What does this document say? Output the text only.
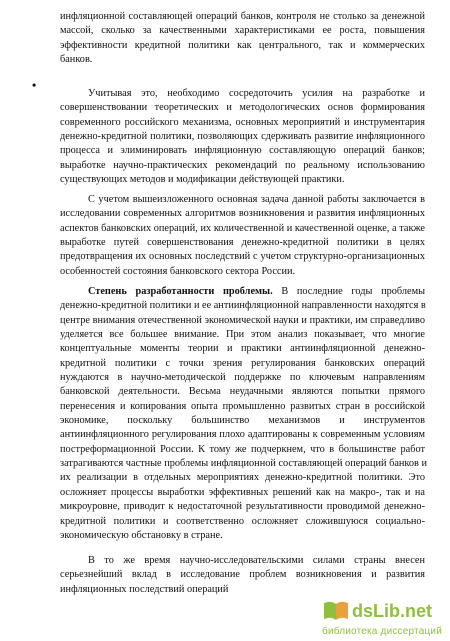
•

инфляционной составляющей операций банков, контроля не столько за денежной
массой, сколько за качественными характеристиками ее роста, повышения
эффективности кредитной политики как центрального, так и коммерческих
банков.

Учитывая это, необходимо сосредоточить усилия на разработке и
совершенствовании теоретических и методологических основ формирования
современного российского механизма, основных мероприятий и инструментария
денежно-кредитной политики, позволяющих сдерживать развитие инфляционного
процесса и элиминировать инфляционную составляющую операций банков;
выработке научно-практических рекомендаций по реальному использованию
существующих методов и модификации действующей практики.

С учетом вышеизложенного основная задача данной работы заключается в
исследовании современных алгоритмов возникновения и развития инфляционных
аспектов банковских операций, их количественной и качественной оценке, а также
выработке путей совершенствования денежно-кредитной политики в целях
предотвращения их основных последствий с учетом структурно-организационных
особенностей состояния банковского сектора России.

Степень разработанности проблемы. В последние годы проблемы
денежно-кредитной политики и ее антиинфляционной направленности находятся в
центре внимания отечественной экономической науки и практики, им справедливо
уделяется все большее внимание. При этом анализ показывает, что многие
концептуальные моменты теории и практики антиинфляционной денежно-
кредитной политики с точки зрения регулирования банковских операций
нуждаются в научно-методической поддержке по ключевым направлениям
банковской деятельности. Весьма неудачными являются попытки прямого
перенесения и копирования опыта промышленно развитых стран в российской
экономике, поскольку большинство механизмов и инструментов
антиинфляционного регулирования плохо адаптированы к современным условиям
постреформационной России. К тому же подчеркнем, что в большинстве работ
затрагиваются частные проблемы инфляционной составляющей операций банков и
их реализации в отдельных мероприятиях денежно-кредитной политики. Это
осложняет процессы выработки эффективных решений как на макро-, так и на
микроуровне, приводит к недостаточной результативности проводимой денежно-
кредитной политики и соответственно осложняет сложившуюся социально-
экономическую обстановку в стране.

В то же время научно-исследовательскими силами страны внесен
серьезнейший вклад в исследование проблем возникновения и развития
инфляционных последствий операций

dsLib.net
библиотека диссертаций
